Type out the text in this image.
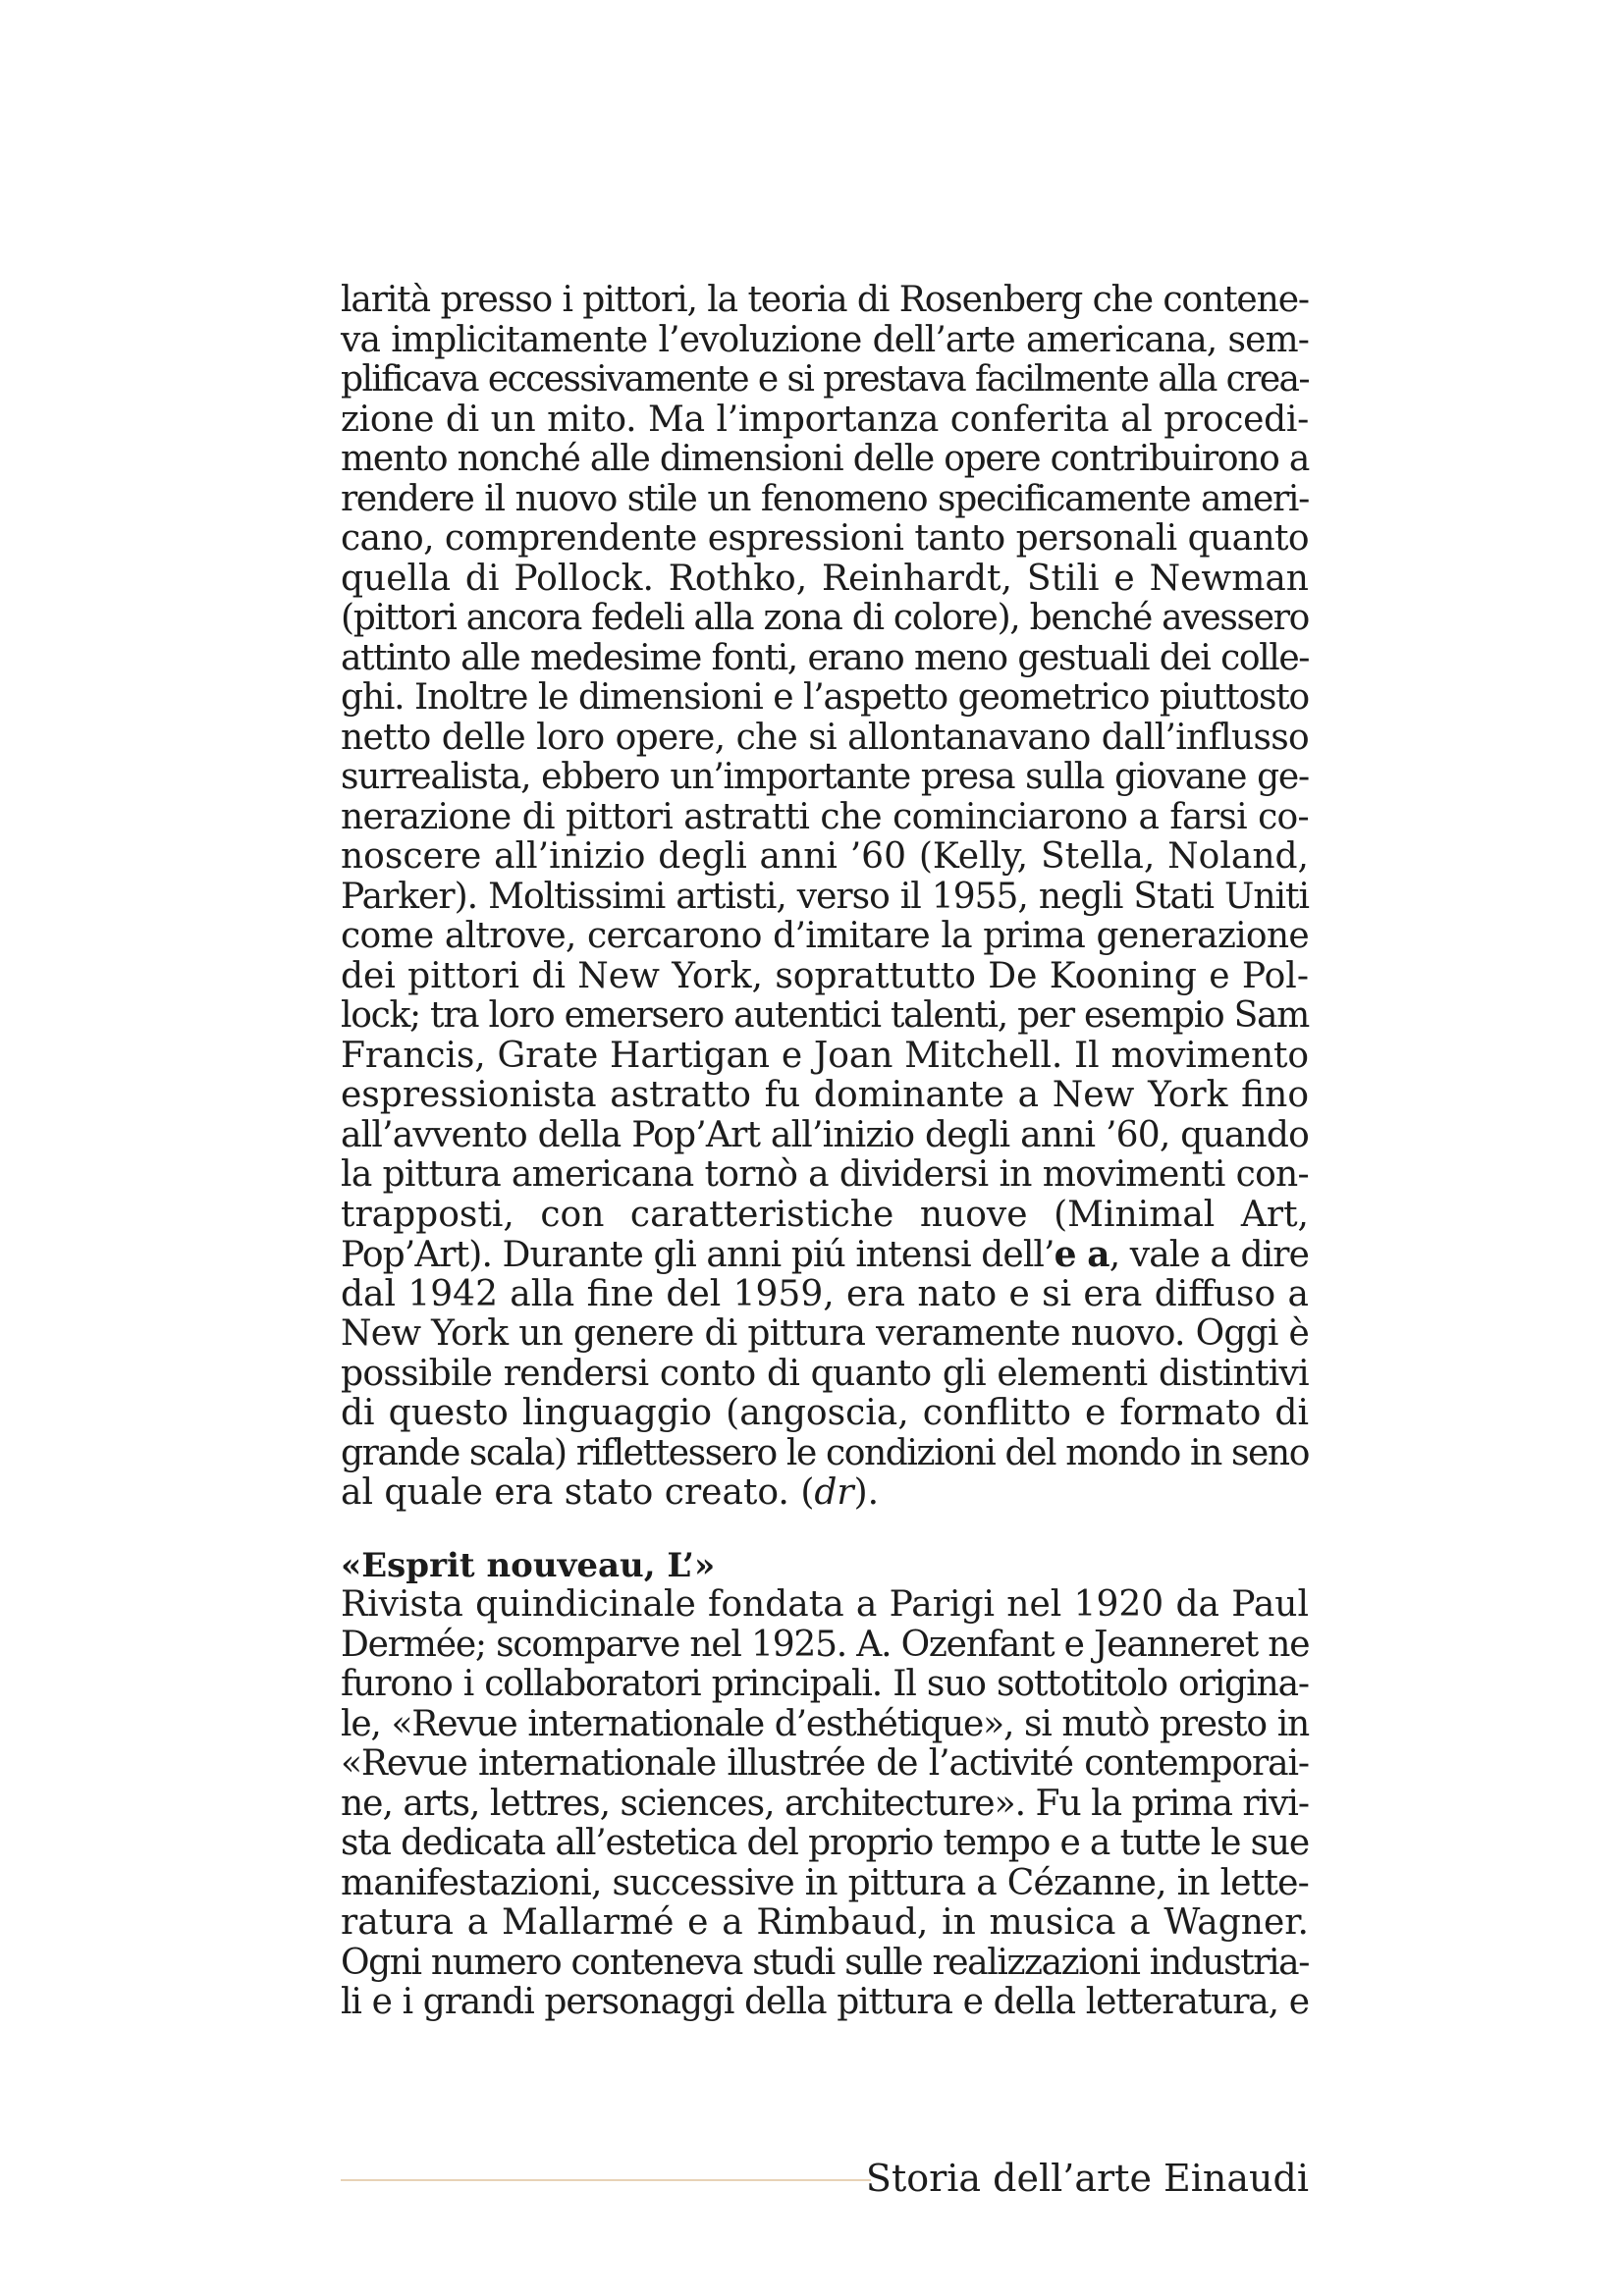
larità presso i pittori, la teoria di Rosenberg che contene-
va implicitamente l’evoluzione dell’arte americana, sem-
plificava eccessivamente e si prestava facilmente alla crea-
zione di un mito. Ma l’importanza conferita al procedi-
mento nonché alle dimensioni delle opere contribuirono a
rendere il nuovo stile un fenomeno specificamente ameri-
cano, comprendente espressioni tanto personali quanto
quella di Pollock. Rothko, Reinhardt, Stili e Newman
(pittori ancora fedeli alla zona di colore), benché avessero
attinto alle medesime fonti, erano meno gestuali dei colle-
ghi. Inoltre le dimensioni e l’aspetto geometrico piuttosto
netto delle loro opere, che si allontanavano dall’influsso
surrealista, ebbero un’importante presa sulla giovane ge-
nerazione di pittori astratti che cominciarono a farsi co-
noscere all’inizio degli anni ’60 (Kelly, Stella, Noland,
Parker). Moltissimi artisti, verso il 1955, negli Stati Uniti
come altrove, cercarono d’imitare la prima generazione
dei pittori di New York, soprattutto De Kooning e Pol-
lock; tra loro emersero autentici talenti, per esempio Sam
Francis, Grate Hartigan e Joan Mitchell. Il movimento
espressionista astratto fu dominante a New York fino
all’avvento della Pop’Art all’inizio degli anni ’60, quando
la pittura americana tornò a dividersi in movimenti con-
trapposti, con caratteristiche nuove (Minimal Art,
Pop’Art). Durante gli anni piú intensi dell’e a, vale a dire
dal 1942 alla fine del 1959, era nato e si era diffuso a
New York un genere di pittura veramente nuovo. Oggi è
possibile rendersi conto di quanto gli elementi distintivi
di questo linguaggio (angoscia, conflitto e formato di
grande scala) riflettessero le condizioni del mondo in seno
al quale era stato creato. (dr).
«Esprit nouveau, L’»
Rivista quindicinale fondata a Parigi nel 1920 da Paul
Dermée; scomparve nel 1925. A. Ozenfant e Jeanneret ne
furono i collaboratori principali. Il suo sottotitolo origina-
le, «Revue internationale d’esthétique», si mutò presto in
«Revue internationale illustrée de l’activité contemporai-
ne, arts, lettres, sciences, architecture». Fu la prima rivi-
sta dedicata all’estetica del proprio tempo e a tutte le sue
manifestazioni, successive in pittura a Cézanne, in lette-
ratura a Mallarmé e a Rimbaud, in musica a Wagner.
Ogni numero conteneva studi sulle realizzazioni industria-
li e i grandi personaggi della pittura e della letteratura, e
Storia dell’arte Einaudi
